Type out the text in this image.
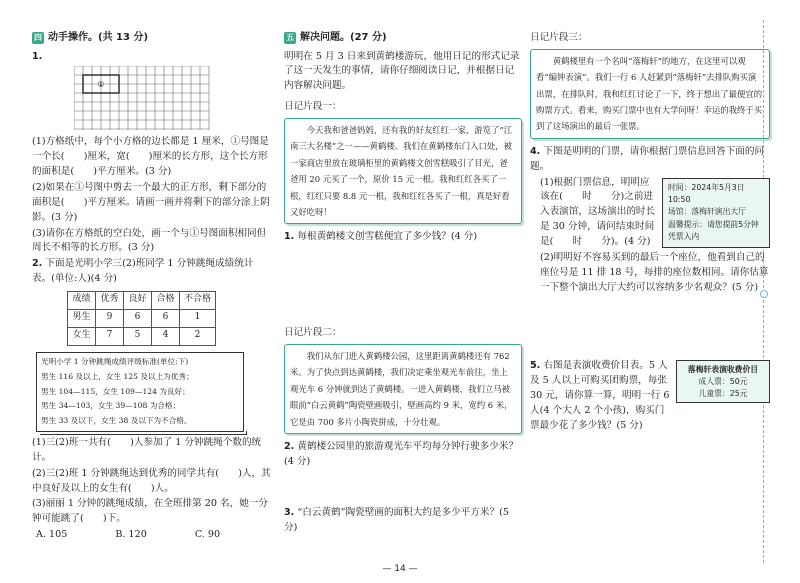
四 动手操作。(共 13 分)
1.
①

(1)方格纸中，每个小方格的边长都是 1 厘米，①号图是一个长(　　)厘米，宽(　　)厘米的长方形，这个长方形的面积是(　　)平方厘米。(3 分)

(2)如果在①号图中剪去一个最大的正方形，剩下部分的面积是(　　)平方厘米。请画一画并将剩下的部分涂上阴影。(3 分)

(3)请你在方格纸的空白处，画一个与①号图面积相同但周长不相等的长方形。(3 分)

2. 下面是光明小学三(2)班同学 1 分钟跳绳成绩统计表。(单位:人)(4 分)

成绩	优秀	良好	合格	不合格
男生	9	6	6	1
女生	7	5	4	2
光明小学 1 分钟跳绳成绩评级标准(单位:下)
男生 116 及以上，女生 125 及以上为优秀；
男生 104—115，女生 109—124 为良好；
男生 34—103，女生 39—108 为合格；
男生 33 及以下，女生 38 及以下为不合格。

(1)三(2)班一共有(　　)人参加了 1 分钟跳绳个数的统计。

(2)三(2)班 1 分钟跳绳达到优秀的同学共有(　　)人，其中良好及以上的女生有(　　)人。

(3)丽丽 1 分钟的跳绳成绩，在全班排第 20 名，她一分钟可能跳了(　　)下。

A. 105	B. 120	C. 90
五 解决问题。(27 分)

明明在 5 月 3 日来到黄鹤楼游玩，他用日记的形式记录了这一天发生的事情，请你仔细阅读日记，并根据日记内容解决问题。

日记片段一：

今天我和爸爸妈妈，还有我的好友红红一家，游览了“江南三大名楼”之一——黄鹤楼。我们在黄鹤楼东门入口处，被一家商店里放在玻璃柜里的黄鹤楼文创雪糕吸引了目光，爸爸用 20 元买了一个，原价 15 元一根。我和红红各买了一根，红红只要 8.8 元一根，我和红红各买了一根，真是好看又好吃呀！

1. 每根黄鹤楼文创雪糕便宜了多少钱？(4 分)

日记片段二：

我们从东门进入黄鹤楼公园，这里距离黄鹤楼还有 762 米。为了快点到达黄鹤楼，我们决定乘坐观光车前往，坐上观光车 6 分钟就到达了黄鹤楼。一进入黄鹤楼，我们立马被眼前“白云黄鹤”陶瓷壁画吸引，壁画高约 9 米，宽约 6 米，它是由 700 多片小陶瓷拼成，十分壮观。

2. 黄鹤楼公园里的旅游观光车平均每分钟行驶多少米？(4 分)

3. “白云黄鹤”陶瓷壁画的面积大约是多少平方米？(5 分)

日记片段三：

黄鹤楼里有一个名叫“落梅轩”的地方，在这里可以观看“编钟表演”。我们一行 6 人赶紧到“落梅轩”去排队购买演出票，在排队时，我和红红讨论了一下，终于想出了最便宜的购票方式。看来，购买门票中也有大学问呀！幸运的我终于买到了这场演出的最后一张票。

4. 下图是明明的门票，请你根据门票信息回答下面的问题。

时间：2024年5月3日 10:50
场馆：落梅轩演出大厅
温馨提示：请您提前5分钟凭票入内

(1)根据门票信息，明明应该在(　　时　　分)之前进入表演馆，这场演出的时长是 30 分钟，请问结束时间是(　　时　　分)。(4 分)

(2)明明好不容易买到的最后一个座位，他看到自己的座位号是 11 排 18 号，每排的座位数相同。请你估算一下整个演出大厅大约可以容纳多少名观众？(5 分)

落梅轩表演收费价目
成人票：50元
儿童票：25元

5. 右图是表演收费价目表。5 人及 5 人以上可购买团购票，每张 30 元，请你算一算，明明一行 6 人(4 个大人 2 个小孩)，购买门票最少花了多少钱？(5 分)

— 14 —
